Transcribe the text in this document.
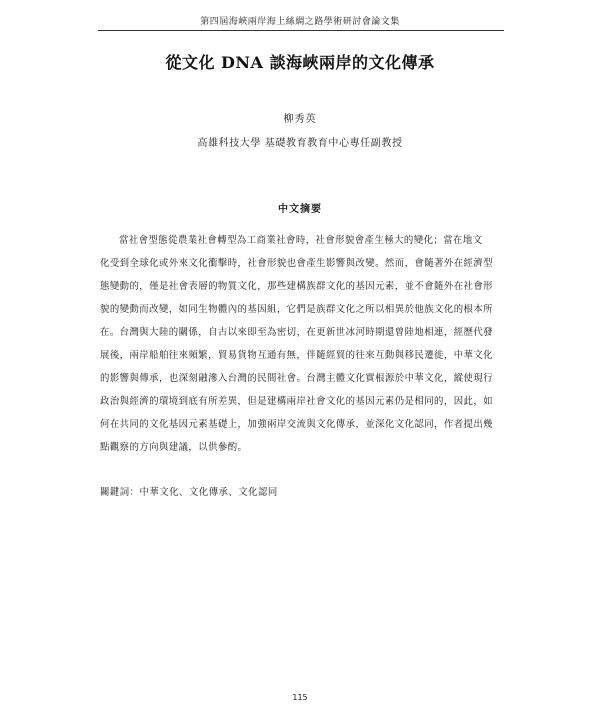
第四屆海峽兩岸海上絲綢之路學術研討會論文集
從文化 DNA 談海峽兩岸的文化傳承
柳秀英
高雄科技大學 基礎教育教育中心專任副教授
中文摘要
當社會型態從農業社會轉型為工商業社會時，社會形貌會產生極大的變化；當在地文
化受到全球化或外來文化衝擊時，社會形貌也會產生影響與改變。然而，會隨著外在經濟型
態變動的，僅是社會表層的物質文化，那些建構族群文化的基因元素，並不會隨外在社會形
貌的變動而改變，如同生物體內的基因組，它們是族群文化之所以相異於他族文化的根本所
在。台灣與大陸的關係，自古以來即至為密切，在更新世冰河時期還曾陸地相連，經歷代發
展後，兩岸船舶往來頻繁，貿易貨物互通有無，伴隨經貿的往來互動與移民遷徙，中華文化
的影響與傳承，也深刻融滲入台灣的民間社會。台灣主體文化實根源於中華文化，縱使現行
政治與經濟的環境到底有所差異，但是建構兩岸社會文化的基因元素仍是相同的，因此，如
何在共同的文化基因元素基礎上，加強兩岸交流與文化傳承，並深化文化認同，作者提出幾
點觀察的方向與建議，以供參酌。
關鍵詞：中華文化、文化傳承、文化認同
115
